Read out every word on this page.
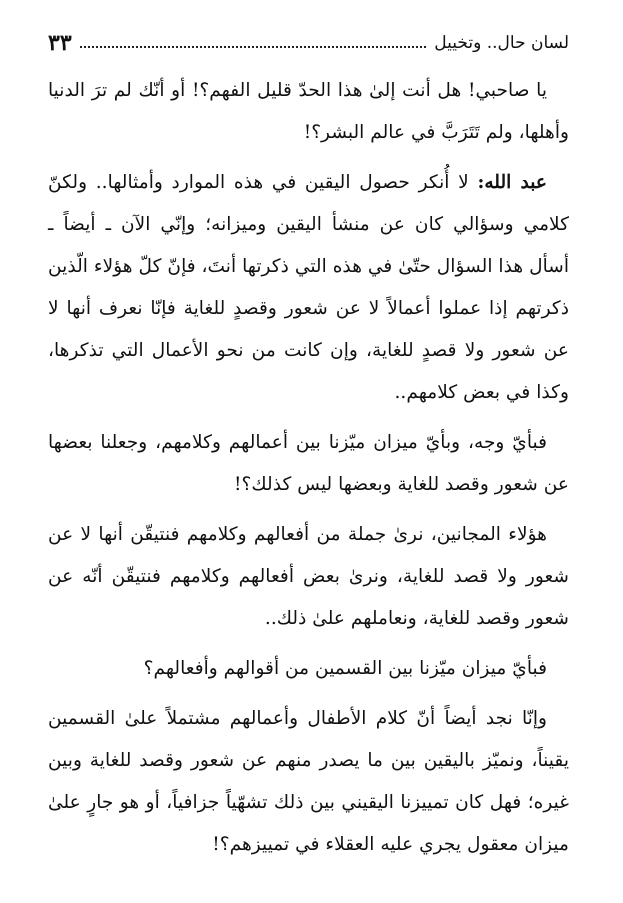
لسان حال.. وتخييل
٣٣

يا صاحبي! هل أنت إلىٰ هذا الحدّ قليل الفهم؟! أو أنّك لم ترَ الدنيا وأهلها، ولم تَتَرَبَّ في عالم البشر؟!

عبد الله: لا أُنكر حصول اليقين في هذه الموارد وأمثالها.. ولكنّ كلامي وسؤالي كان عن منشأ اليقين وميزانه؛ وإنّي الآن ـ أيضاً ـ أسأل هذا السؤال حتّىٰ في هذه التي ذكرتها أنتَ، فإنّ كلّ هؤلاء الّذين ذكرتهم إذا عملوا أعمالاً لا عن شعور وقصدٍ للغاية فإنّا نعرف أنها لا عن شعور ولا قصدٍ للغاية، وإن كانت من نحو الأعمال التي تذكرها، وكذا في بعض كلامهم..

فبأيّ وجه، وبأيّ ميزان ميّزنا بين أعمالهم وكلامهم، وجعلنا بعضها عن شعور وقصد للغاية وبعضها ليس كذلك؟!

هؤلاء المجانين، نرىٰ جملة من أفعالهم وكلامهم فنتيقّن أنها لا عن شعور ولا قصد للغاية، ونرىٰ بعض أفعالهم وكلامهم فنتيقّن أنّه عن شعور وقصد للغاية، ونعاملهم علىٰ ذلك..

فبأيّ ميزان ميّزنا بين القسمين من أقوالهم وأفعالهم؟

وإنّا نجد أيضاً أنّ كلام الأطفال وأعمالهم مشتملاً علىٰ القسمين يقيناً، ونميّز باليقين بين ما يصدر منهم عن شعور وقصد للغاية وبين غيره؛ فهل كان تمييزنا اليقيني بين ذلك تشهّياً جزافياً، أو هو جارٍ علىٰ ميزان معقول يجري عليه العقلاء في تمييزهم؟!
